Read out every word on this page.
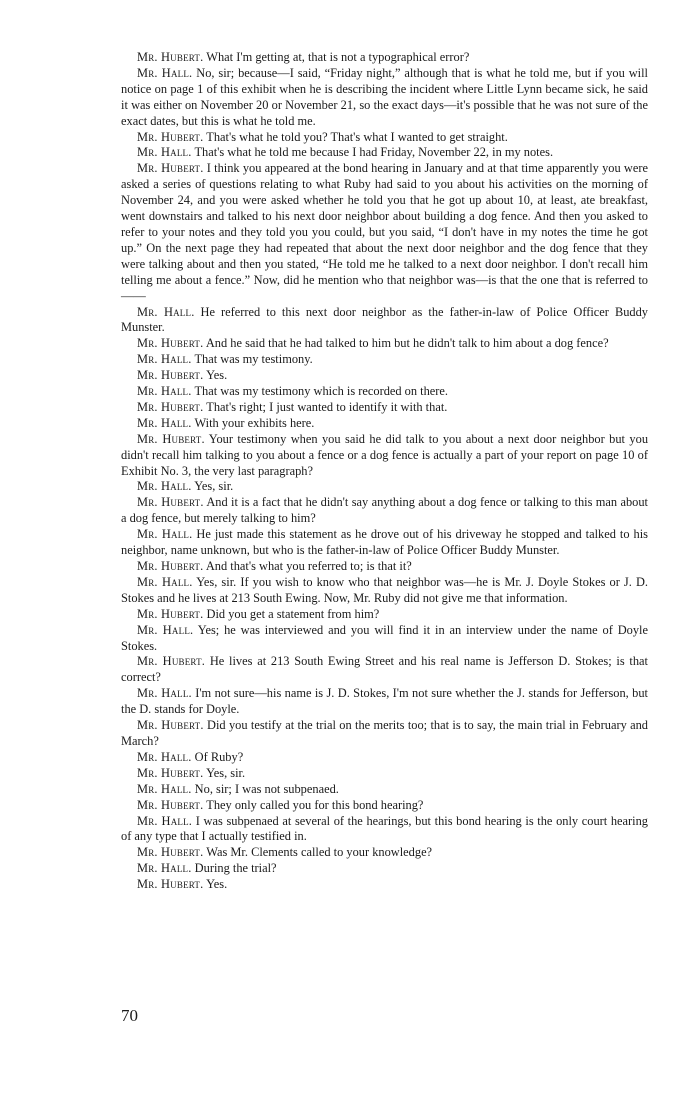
Mr. Hubert. What I'm getting at, that is not a typographical error?

Mr. Hall. No, sir; because—I said, “Friday night,” although that is what he told me, but if you will notice on page 1 of this exhibit when he is describing the incident where Little Lynn became sick, he said it was either on November 20 or November 21, so the exact days—it's possible that he was not sure of the exact dates, but this is what he told me.

Mr. Hubert. That's what he told you? That's what I wanted to get straight.

Mr. Hall. That's what he told me because I had Friday, November 22, in my notes.

Mr. Hubert. I think you appeared at the bond hearing in January and at that time apparently you were asked a series of questions relating to what Ruby had said to you about his activities on the morning of November 24, and you were asked whether he told you that he got up about 10, at least, ate breakfast, went downstairs and talked to his next door neighbor about building a dog fence. And then you asked to refer to your notes and they told you you could, but you said, “I don't have in my notes the time he got up.” On the next page they had repeated that about the next door neighbor and the dog fence that they were talking about and then you stated, “He told me he talked to a next door neighbor. I don't recall him telling me about a fence.” Now, did he mention who that neighbor was—is that the one that is referred to——

Mr. Hall. He referred to this next door neighbor as the father-in-law of Police Officer Buddy Munster.

Mr. Hubert. And he said that he had talked to him but he didn't talk to him about a dog fence?

Mr. Hall. That was my testimony.

Mr. Hubert. Yes.

Mr. Hall. That was my testimony which is recorded on there.

Mr. Hubert. That's right; I just wanted to identify it with that.

Mr. Hall. With your exhibits here.

Mr. Hubert. Your testimony when you said he did talk to you about a next door neighbor but you didn't recall him talking to you about a fence or a dog fence is actually a part of your report on page 10 of Exhibit No. 3, the very last paragraph?

Mr. Hall. Yes, sir.

Mr. Hubert. And it is a fact that he didn't say anything about a dog fence or talking to this man about a dog fence, but merely talking to him?

Mr. Hall. He just made this statement as he drove out of his driveway he stopped and talked to his neighbor, name unknown, but who is the father-in-law of Police Officer Buddy Munster.

Mr. Hubert. And that's what you referred to; is that it?

Mr. Hall. Yes, sir. If you wish to know who that neighbor was—he is Mr. J. Doyle Stokes or J. D. Stokes and he lives at 213 South Ewing. Now, Mr. Ruby did not give me that information.

Mr. Hubert. Did you get a statement from him?

Mr. Hall. Yes; he was interviewed and you will find it in an interview under the name of Doyle Stokes.

Mr. Hubert. He lives at 213 South Ewing Street and his real name is Jefferson D. Stokes; is that correct?

Mr. Hall. I'm not sure—his name is J. D. Stokes, I'm not sure whether the J. stands for Jefferson, but the D. stands for Doyle.

Mr. Hubert. Did you testify at the trial on the merits too; that is to say, the main trial in February and March?

Mr. Hall. Of Ruby?

Mr. Hubert. Yes, sir.

Mr. Hall. No, sir; I was not subpenaed.

Mr. Hubert. They only called you for this bond hearing?

Mr. Hall. I was subpenaed at several of the hearings, but this bond hearing is the only court hearing of any type that I actually testified in.

Mr. Hubert. Was Mr. Clements called to your knowledge?

Mr. Hall. During the trial?

Mr. Hubert. Yes.

70
